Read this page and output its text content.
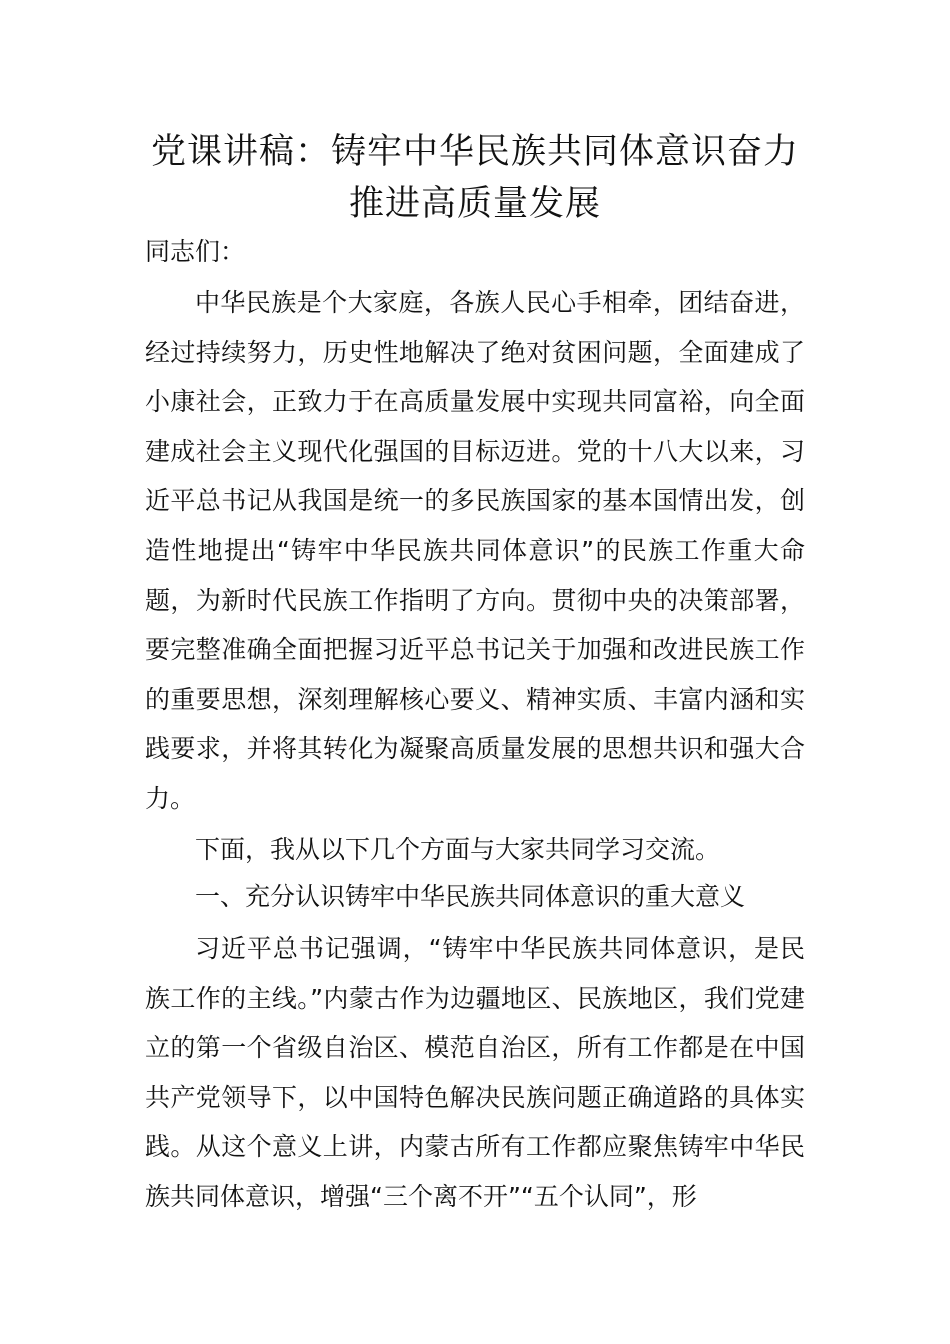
党课讲稿：铸牢中华民族共同体意识奋力
推进高质量发展

同志们：

中华民族是个大家庭，各族人民心手相牵，团结奋进，经过持续努力，历史性地解决了绝对贫困问题，全面建成了小康社会，正致力于在高质量发展中实现共同富裕，向全面建成社会主义现代化强国的目标迈进。党的十八大以来，习近平总书记从我国是统一的多民族国家的基本国情出发，创造性地提出“铸牢中华民族共同体意识”的民族工作重大命题，为新时代民族工作指明了方向。贯彻中央的决策部署，要完整准确全面把握习近平总书记关于加强和改进民族工作的重要思想，深刻理解核心要义、精神实质、丰富内涵和实践要求，并将其转化为凝聚高质量发展的思想共识和强大合力。

下面，我从以下几个方面与大家共同学习交流。

一、充分认识铸牢中华民族共同体意识的重大意义

习近平总书记强调，“铸牢中华民族共同体意识，是民族工作的主线。”内蒙古作为边疆地区、民族地区，我们党建立的第一个省级自治区、模范自治区，所有工作都是在中国共产党领导下，以中国特色解决民族问题正确道路的具体实践。从这个意义上讲，内蒙古所有工作都应聚焦铸牢中华民族共同体意识，增强“三个离不开”“五个认同”，形
